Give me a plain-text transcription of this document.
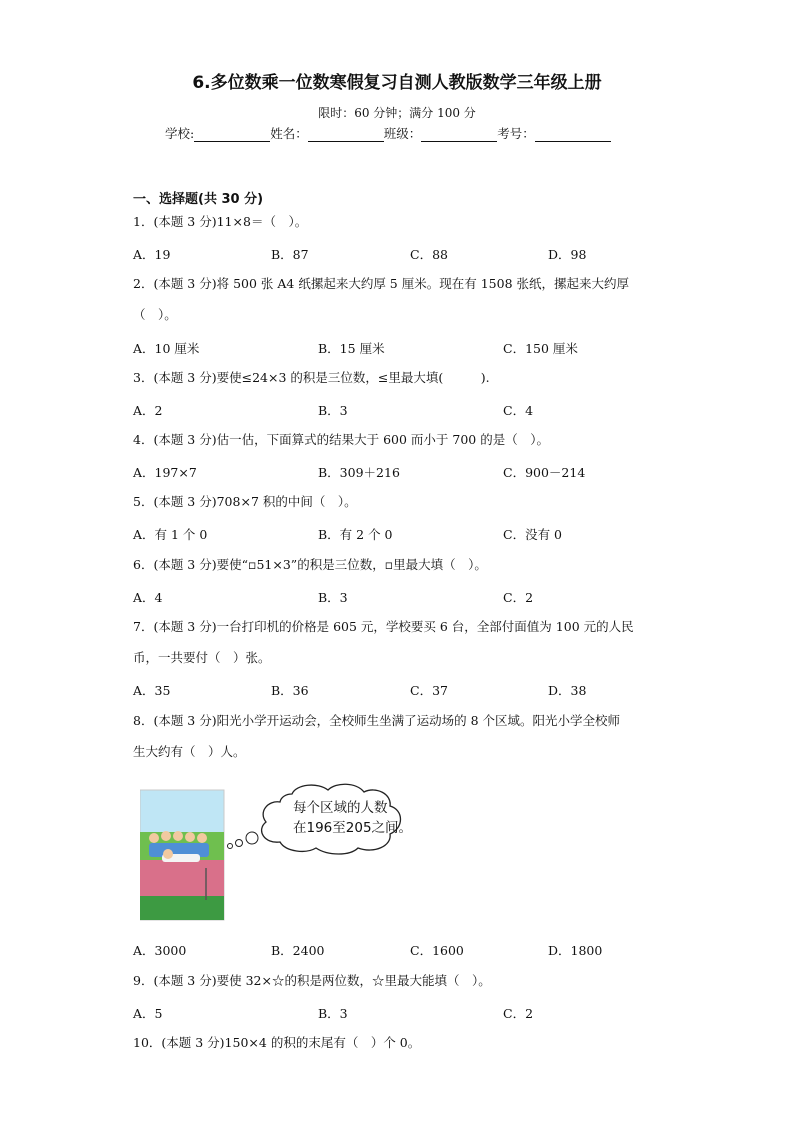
6.多位数乘一位数寒假复习自测人教版数学三年级上册
限时：60 分钟；满分 100 分
学校:	姓名：	班级：	考号：
一、选择题(共 30 分)
1．(本题 3 分)11×8＝（　）。
A．19	B．87	C．88	D．98
2．(本题 3 分)将 500 张 A4 纸摞起来大约厚 5 厘米。现在有 1508 张纸，摞起来大约厚
（　）。
A．10 厘米	B．15 厘米	C．150 厘米
3．(本题 3 分)要使≤24×3 的积是三位数，≤里最大填(　　　).
A．2	B．3	C．4
4．(本题 3 分)估一估，下面算式的结果大于 600 而小于 700 的是（　）。
A．197×7	B．309＋216	C．900－214
5．(本题 3 分)708×7 积的中间（　）。
A．有 1 个 0	B．有 2 个 0	C．没有 0
6．(本题 3 分)要使“▫51×3”的积是三位数，▫里最大填（　）。
A．4	B．3	C．2
7．(本题 3 分)一台打印机的价格是 605 元，学校要买 6 台，全部付面值为 100 元的人民
币，一共要付（　）张。
A．35	B．36	C．37	D．38
8．(本题 3 分)阳光小学开运动会，全校师生坐满了运动场的 8 个区域。阳光小学全校师
生大约有（　）人。
每个区域的人数
在196至205之间。
A．3000	B．2400	C．1600	D．1800
9．(本题 3 分)要使 32×☆的积是两位数，☆里最大能填（　）。
A．5	B．3	C．2
10．(本题 3 分)150×4 的积的末尾有（　）个 0。
